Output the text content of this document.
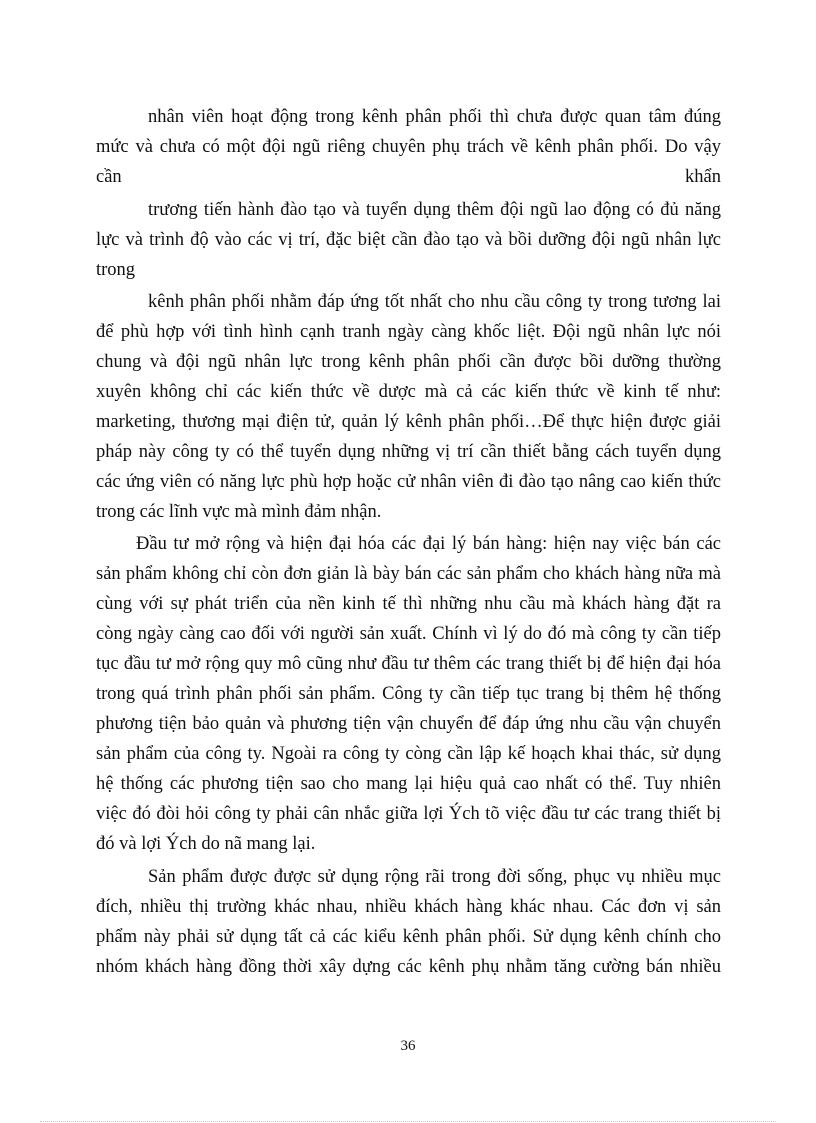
nhân viên hoạt động trong kênh phân phối thì chưa được quan tâm đúng
mức và chưa có một đội ngũ riêng chuyên phụ trách về kênh phân phối. Do vậy
cần	khẩn
trương tiến hành đào tạo và tuyển dụng thêm đội ngũ lao động có đủ năng
lực và trình độ vào các vị trí, đặc biệt cần đào tạo và bồi dưỡng đội ngũ nhân lực
trong
kênh phân phối nhằm đáp ứng tốt nhất cho nhu cầu công ty trong tương lai
để phù hợp với tình hình cạnh tranh ngày càng khốc liệt. Đội ngũ nhân lực nói
chung và đội ngũ nhân lực trong kênh phân phối cần được bồi dưỡng thường
xuyên không chỉ các kiến thức về dược mà cả các kiến thức về kinh tế như:
marketing, thương mại điện tử, quản lý kênh phân phối…Để thực hiện được giải
pháp này công ty có thể tuyển dụng những vị trí cần thiết bằng cách tuyển dụng
các ứng viên có năng lực phù hợp hoặc cử nhân viên đi đào tạo nâng cao kiến thức
trong các lĩnh vực mà mình đảm nhận.
Đầu tư mở rộng và hiện đại hóa các đại lý bán hàng: hiện nay việc bán các
sản phẩm không chỉ còn đơn giản là bày bán các sản phẩm cho khách hàng nữa mà
cùng với sự phát triển của nền kinh tế thì những nhu cầu mà khách hàng đặt ra
còng ngày càng cao đối với người sản xuất. Chính vì lý do đó mà công ty cần tiếp
tục đầu tư mở rộng quy mô cũng như đầu tư thêm các trang thiết bị để hiện đại hóa
trong quá trình phân phối sản phẩm. Công ty cần tiếp tục trang bị thêm hệ thống
phương tiện bảo quản và phương tiện vận chuyển để đáp ứng nhu cầu vận chuyển
sản phẩm của công ty. Ngoài ra công ty còng cần lập kế hoạch khai thác, sử dụng
hệ thống các phương tiện sao cho mang lại hiệu quả cao nhất có thể. Tuy nhiên
việc đó đòi hỏi công ty phải cân nhắc giữa lợi Ých tõ việc đầu tư các trang thiết bị
đó và lợi Ých do nã mang lại.
Sản phẩm được được sử dụng rộng rãi trong đời sống, phục vụ nhiều mục
đích, nhiều thị trường khác nhau, nhiều khách hàng khác nhau. Các đơn vị sản
phẩm này phải sử dụng tất cả các kiểu kênh phân phối. Sử dụng kênh chính cho
nhóm khách hàng đồng thời xây dựng các kênh phụ nhằm tăng cường bán nhiều
36
